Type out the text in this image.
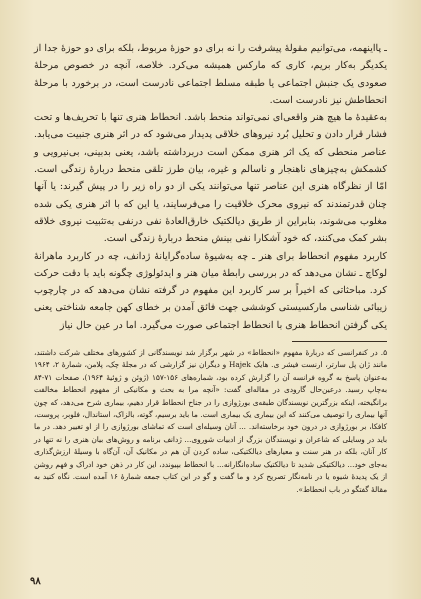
ـ پااینهمه، می‌توانیم مقولهٔ پیشرفت را نه برای دو حوزهٔ مربوط، بلکه برای دو حوزهٔ جدا از یکدیگر به‌کار بریم، کاری که مارکس همیشه می‌کرد. خلاصه، آنچه در خصوص مرحلهٔ صعودی یک جنبش اجتماعی یا طبقه مسلط اجتماعی نادرست است، در برخورد با مرحلهٔ انحطاطش نیز نادرست است.

به‌عقیده‌ٔ ما هیچ هنر واقعی‌ای نمی‌تواند منحط باشد. انحطاط هنری تنها با تحریف‌ها و تحت فشار قرار دادن و تحلیل بُرد نیروهای خلاقی پدیدار می‌شود که در اثر هنری جنبیت می‌یابد. عناصر منحطی که یک اثر هنری ممکن است دربرداشته باشد، یعنی بدبینی، بی‌نیرویی و کشمکش به‌چیزهای ناهنجار و ناسالم و غیره، بیان طرز تلقی منحط دربارهٔ زندگی است. امّا از نظرگاه هنری این عناصر تنها می‌توانند یکی از دو راه زیر را در پیش گیرند: یا آنها چنان قدرتمندند که نیروی محرک خلاقیت را می‌فرسایند، یا این که با اثر هنری یکی شده مغلوب می‌شوند، بنابراین از طریق دیالکتیک خارق‌العادهٔ نفی درنفی به‌تثبیت نیروی خلاقه بشر کمک می‌کنند، که خود آشکارا نفی بینش منحط دربارهٔ زندگی است.

کاربرد مفهوم انحطاط برای هنر ـ چه به‌شیوهٔ ساده‌گرایانهٔ ژدانف، چه در کاربرد ماهرانهٔ لوکاچ ـ نشان می‌دهد که در بررسی رابطهٔ میان هنر و ایدئولوژی چگونه باید با دقت حرکت کرد. مباحثاتی که اخیراً بر سر کاربرد این مفهوم در گرفته نشان می‌دهد که در چارچوب زیبائی شناسی مارکسیستی کوششی جهت فائق آمدن بر خطای کهن جامعه شناختی یعنی یکی گرفتن انحطاط هنری با انحطاط اجتماعی صورت می‌گیرد. اما در عین حال نیاز

۵. در کنفرانسی که دربارهٔ مفهوم «انحطاط» در شهر برگزار شد نویسندگانی از کشورهای مختلف شرکت داشتند، مانند ژان پل سارتر، ارنست فیشر ی. هایک Hajek و دیگران نیز گزارشی که در مجلهٔ چک، پلامن، شمارهٔ ۲، ۱۹۶۴ به‌عنوان پاسخ به گروه فرانسه آن را گزارش کرده بود، شماره‌های ۱۵۶-۱۵۷ (ژوئن و ژوئیهٔ ۱۹۶۴)، صفحات ۷۱-۸۴ به‌چاپ رسید. درعین‌حال گارودی در مقاله‌ای گفت: «آنچه مرا به بحث و مکانیکی از مفهوم انحطاط مخالفت برانگیخته، اینکه بزرگترین نویسندگان طبقه‌ی بورژوازی را در جناح انحطاط قرار دهیم، بیماری شرح می‌دهد، که چون آنها بیماری را توصیف می‌کنند که این بیماری یک بیماری است. ما باید برسیم، گوته، بالزاک، استاندال، فلوبر، پروست، کافکا، بر بورژوازی در درون خود برخاسته‌اند. ... آنان وسیله‌ای است که تماشای بورژوازی را از او تغییر دهد. در ما باید در وسایلی که شاعران و نویسندگان بزرگ از ادبیات شوروی... ژدانف برنامه و روش‌های بیان هنری را نه تنها در کار آنان، بلکه در هنر سنت و معیارهای دیالکتیکی، ساده کردن آن هم در مکانیک آن، آن‌گاه با وسیلهٔ ارزش‌گذاری به‌جای خود... دیالکتیکی شدید تا دیالکتیک ساده‌انگارانه... با انحطاط بپیوندد، این کار در ذهن خود ادراک و فهم روشن از یک پدیدهٔ شیوه یا در نامه‌نگار تصریح کرد و ما گفت و گو در این کتاب جمعه شمارهٔ ۱۶ آمده است. نگاه کنید به مقالهٔ گفتگو در باب انحطاط».

۹۸
